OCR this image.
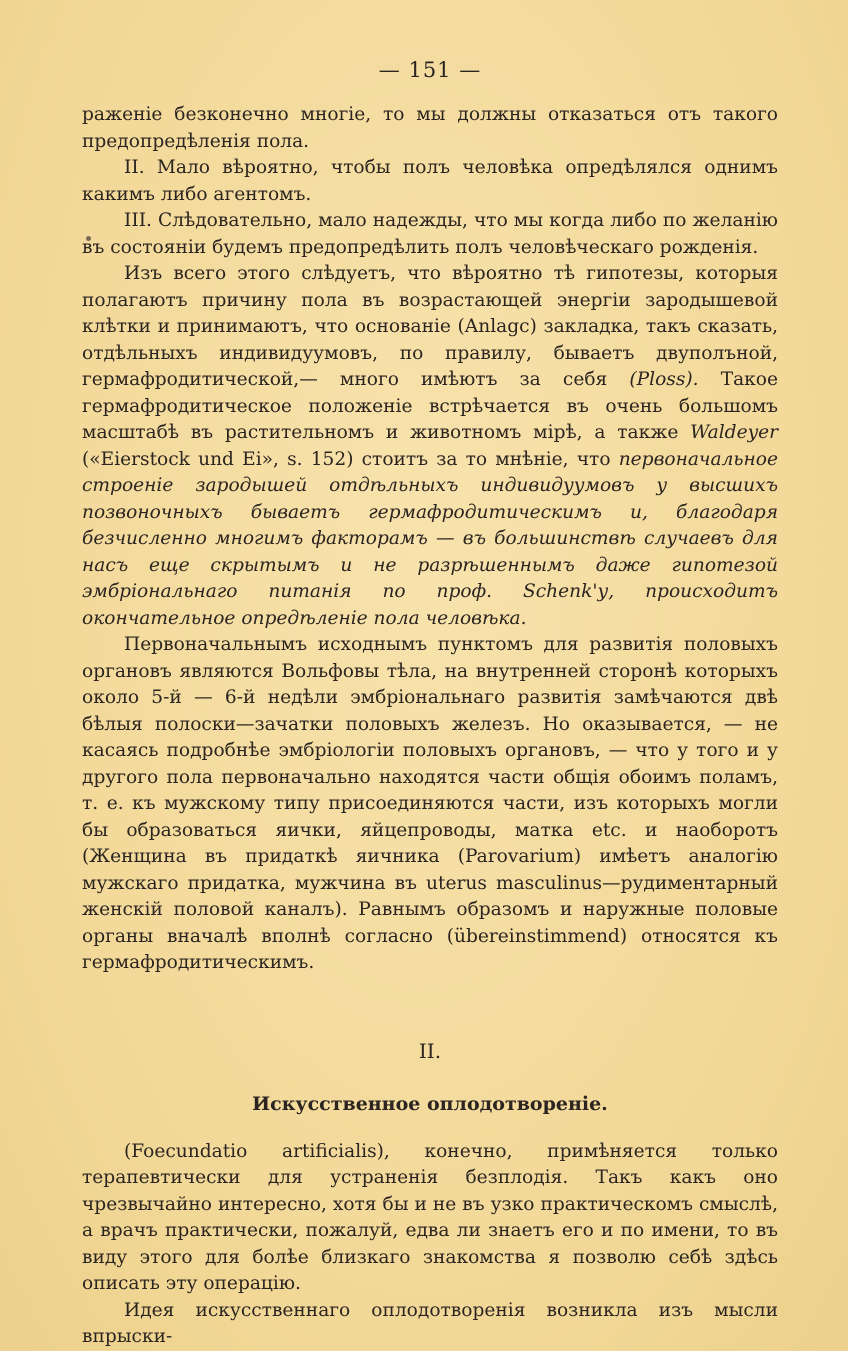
— 151 —

раженіе безконечно многіе, то мы должны отказаться отъ такого предопредѣленія пола.

II. Мало вѣроятно, чтобы полъ человѣка опредѣлялся однимъ какимъ либо агентомъ.

III. Слѣдовательно, мало надежды, что мы когда либо по желанію въ состояніи будемъ предопредѣлить полъ человѣческаго рожденія.

Изъ всего этого слѣдуетъ, что вѣроятно тѣ гипотезы, которыя полагаютъ причину пола въ возрастающей энергіи зародышевой клѣтки и принимаютъ, что основаніе (Anlagc) закладка, такъ сказать, отдѣльныхъ индивидуумовъ, по правилу, бываетъ двуполъной, гермафродитической,— много имѣютъ за себя (Ploss). Такое гермафродитическое положеніе встрѣчается въ очень большомъ масштабѣ въ растительномъ и животномъ мірѣ, а также Waldeyer («Eierstock und Ei», s. 152) стоитъ за то мнѣніе, что первоначальное строеніе зародышей отдѣльныхъ индивидуумовъ у высшихъ позвоночныхъ бываетъ гермафродитическимъ и, благодаря безчисленно многимъ факторамъ — въ большинствѣ случаевъ для насъ еще скрытымъ и не разрѣшеннымъ даже гипотезой эмбріональнаго питанія по проф. Schenk'у, происходитъ окончательное опредѣленіе пола человѣка.

Первоначальнымъ исходнымъ пунктомъ для развитія половыхъ органовъ являются Вольфовы тѣла, на внутренней сторонѣ которыхъ около 5-й — 6-й недѣли эмбріональнаго развитія замѣчаются двѣ бѣлыя полоски—зачатки половыхъ железъ. Но оказывается, — не касаясь подробнѣе эмбріологіи половыхъ органовъ, — что у того и у другого пола первоначально находятся части общія обоимъ поламъ, т. е. къ мужскому типу присоединяются части, изъ которыхъ могли бы образоваться яички, яйцепроводы, матка etc. и наоборотъ (Женщина въ придаткѣ яичника (Parovarium) имѣетъ аналогію мужскаго придатка, мужчина въ uterus masculinus—рудиментарный женскій половой каналъ). Равнымъ образомъ и наружные половые органы вначалѣ вполнѣ согласно (übereinstimmend) относятся къ гермафродитическимъ.

II.
Искусственное оплодотвореніе.

(Foecundatio artificialis), конечно, примѣняется только терапевтически для устраненія безплодія. Такъ какъ оно чрезвычайно интересно, хотя бы и не въ узко практическомъ смыслѣ, а врачъ практически, пожалуй, едва ли знаетъ его и по имени, то въ виду этого для болѣе близкаго знакомства я позволю себѣ здѣсь описать эту операцію.

Идея искусственнаго оплодотворенія возникла изъ мысли впрыски-
